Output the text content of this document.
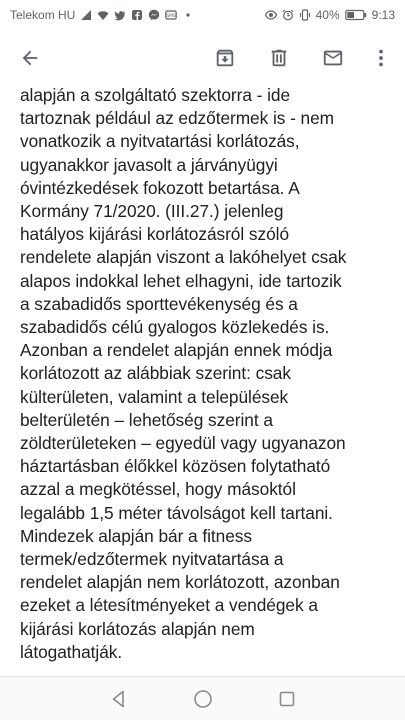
Telekom HU	SMS	40%	9:13
alapján a szolgáltató szektorra - ide
tartoznak például az edzőtermek is - nem
vonatkozik a nyitvatartási korlátozás,
ugyanakkor javasolt a járványügyi
óvintézkedések fokozott betartása. A
Kormány 71/2020. (III.27.) jelenleg
hatályos kijárási korlátozásról szóló
rendelete alapján viszont a lakóhelyet csak
alapos indokkal lehet elhagyni, ide tartozik
a szabadidős sporttevékenység és a
szabadidős célú gyalogos közlekedés is.
Azonban a rendelet alapján ennek módja
korlátozott az alábbiak szerint: csak
külterületen, valamint a települések
belterületén – lehetőség szerint a
zöldterületeken – egyedül vagy ugyanazon
háztartásban élőkkel közösen folytatható
azzal a megkötéssel, hogy másoktól
legalább 1,5 méter távolságot kell tartani.
Mindezek alapján bár a fitness
termek/edzőtermek nyitvatartása a
rendelet alapján nem korlátozott, azonban
ezeket a létesítményeket a vendégek a
kijárási korlátozás alapján nem
látogathatják.
